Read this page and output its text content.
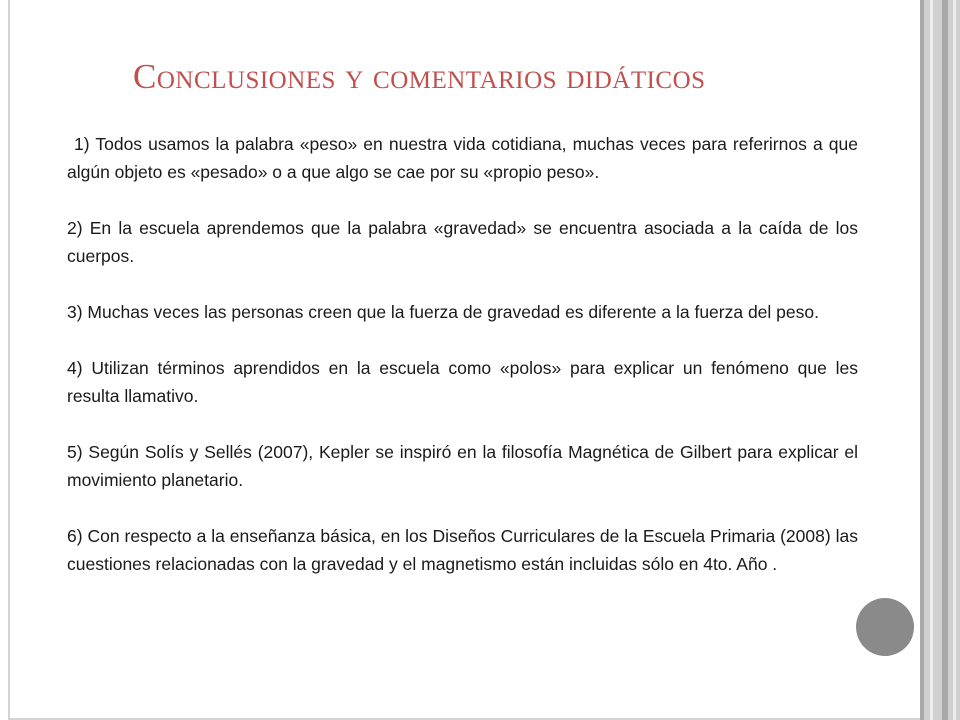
Conclusiones y comentarios didáticos

1) Todos usamos la palabra «peso» en nuestra vida cotidiana, muchas veces para referirnos a que algún objeto es «pesado» o a que algo se cae por su «propio peso».

2) En la escuela aprendemos que la palabra «gravedad» se encuentra asociada a la caída de los cuerpos.

3) Muchas veces las personas creen que la fuerza de gravedad es diferente a la fuerza del peso.

4) Utilizan términos aprendidos en la escuela como «polos» para explicar un fenómeno que les resulta llamativo.

5) Según Solís y Sellés (2007), Kepler se inspiró en la filosofía Magnética de Gilbert para explicar el movimiento planetario.

6) Con respecto a la enseñanza básica, en los Diseños Curriculares de la Escuela Primaria (2008) las cuestiones relacionadas con la gravedad y el magnetismo están incluidas sólo en 4to. Año .
